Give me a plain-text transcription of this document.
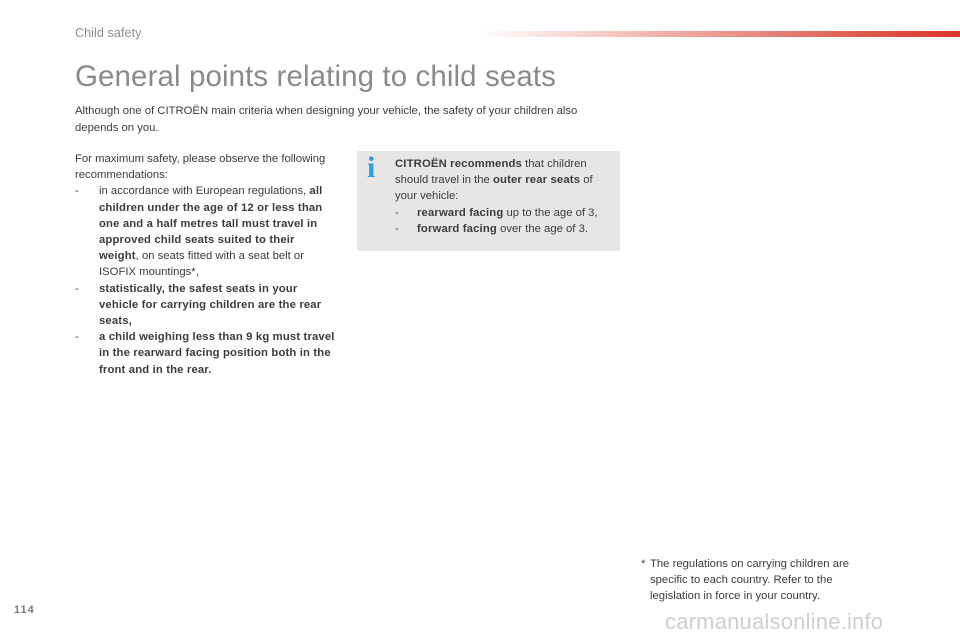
Child safety
General points relating to child seats

Although one of CITROËN main criteria when designing your vehicle, the safety of your children also depends on you.

For maximum safety, please observe the following recommendations:

- in accordance with European regulations, all children under the age of 12 or less than one and a half metres tall must travel in approved child seats suited to their weight, on seats fitted with a seat belt or ISOFIX mountings*,

- statistically, the safest seats in your vehicle for carrying children are the rear seats,

- a child weighing less than 9 kg must travel in the rearward facing position both in the front and in the rear.

i CITROËN recommends that children should travel in the outer rear seats of your vehicle:

- rearward facing up to the age of 3,

- forward facing over the age of 3.

* The regulations on carrying children are specific to each country. Refer to the legislation in force in your country.
114	carmanualsonline.info
